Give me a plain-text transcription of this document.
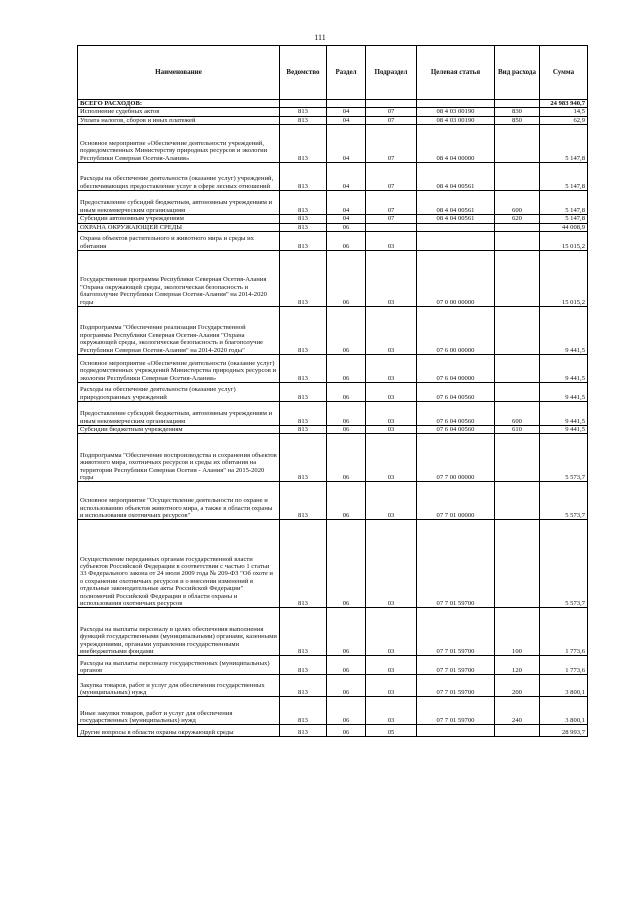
111
Наименование	Ведомство	Раздел	Подраздел	Целевая статья	Вид расхода	Сумма
ВСЕГО РАСХОДОВ:						24 983 940,7
Исполнение судебных актов	813	04	07	08 4 03 00190	830	14,5
Уплата налогов, сборов и иных платежей	813	04	07	08 4 03 00190	850	62,9
Основное мероприятие «Обеспечение деятельности учреждений, подведомственных Министерству природных ресурсов и экологии Республики Северная Осетия-Алания»	813	04	07	08 4 04 00000		5 147,8
Расходы на обеспечение деятельности (оказание услуг) учреждений, обеспечивающих предоставление услуг в сфере лесных отношений	813	04	07	08 4 04 00561		5 147,8
Предоставление субсидий бюджетным, автономным учреждениям и иным некоммерческим организациям	813	04	07	08 4 04 00561	600	5 147,8
Субсидии автономным учреждениям	813	04	07	08 4 04 00561	620	5 147,8
ОХРАНА ОКРУЖАЮЩЕЙ СРЕДЫ	813	06				44 008,9
Охрана объектов растительного и животного мира и среды их обитания	813	06	03			15 015,2
Государственная программа Республики Северная Осетия-Алания "Охрана окружающей среды, экологическая безопасность и благополучие Республики Северная Осетия-Алания" на 2014-2020 годы	813	06	03	07 0 00 00000		15 015,2
Подпрограмма "Обеспечение реализации Государственной программы Республики Северная Осетия-Алания "Охрана окружающей среды, экологическая безопасность и благополучие Республики Северная Осетия-Алания" на 2014-2020 годы"	813	06	03	07 6 00 00000		9 441,5
Основное мероприятие «Обеспечение деятельности (оказание услуг) подведомственных учреждений Министерства природных ресурсов и экологии Республики Северная Осетия-Алания»	813	06	03	07 6 04 00000		9 441,5
Расходы на обеспечение деятельности (оказание услуг) природоохранных учреждений	813	06	03	07 6 04 00560		9 441,5
Предоставление субсидий бюджетным, автономным учреждениям и иным некоммерческим организациям	813	06	03	07 6 04 00560	600	9 441,5
Субсидии бюджетным учреждениям	813	06	03	07 6 04 00560	610	9 441,5
Подпрограмма "Обеспечение воспроизводства и сохранения объектов животного мира, охотничьих ресурсов и среды их обитания на территории Республики Северная Осетия - Алания" на 2015-2020 годы	813	06	03	07 7 00 00000		5 573,7
Основное мероприятие "Осуществление деятельности по охране и использованию объектов животного мира, а также в области охраны и использования охотничьих ресурсов"	813	06	03	07 7 01 00000		5 573,7
Осуществление переданных органам государственной власти субъектов Российской Федерации в соответствии с частью 1 статьи 33 Федерального закона от 24 июля 2009 года № 209-ФЗ "Об охоте и о сохранении охотничьих ресурсов и о внесении изменений в отдельные законодательные акты Российской Федерации" полномочий Российской Федерации в области охраны и использования охотничьих ресурсов	813	06	03	07 7 01 59700		5 573,7
Расходы на выплаты персоналу в целях обеспечения выполнения функций государственными (муниципальными) органами, казенными учреждениями, органами управления государственными внебюджетными фондами	813	06	03	07 7 01 59700	100	1 773,6
Расходы на выплаты персоналу государственных (муниципальных) органов	813	06	03	07 7 01 59700	120	1 773,6
Закупка товаров, работ и услуг для обеспечения государственных (муниципальных) нужд	813	06	03	07 7 01 59700	200	3 800,1
Иные закупки товаров, работ и услуг для обеспечения государственных (муниципальных) нужд	813	06	03	07 7 01 59700	240	3 800,1
Другие вопросы в области охраны окружающей среды	813	06	05			28 993,7
